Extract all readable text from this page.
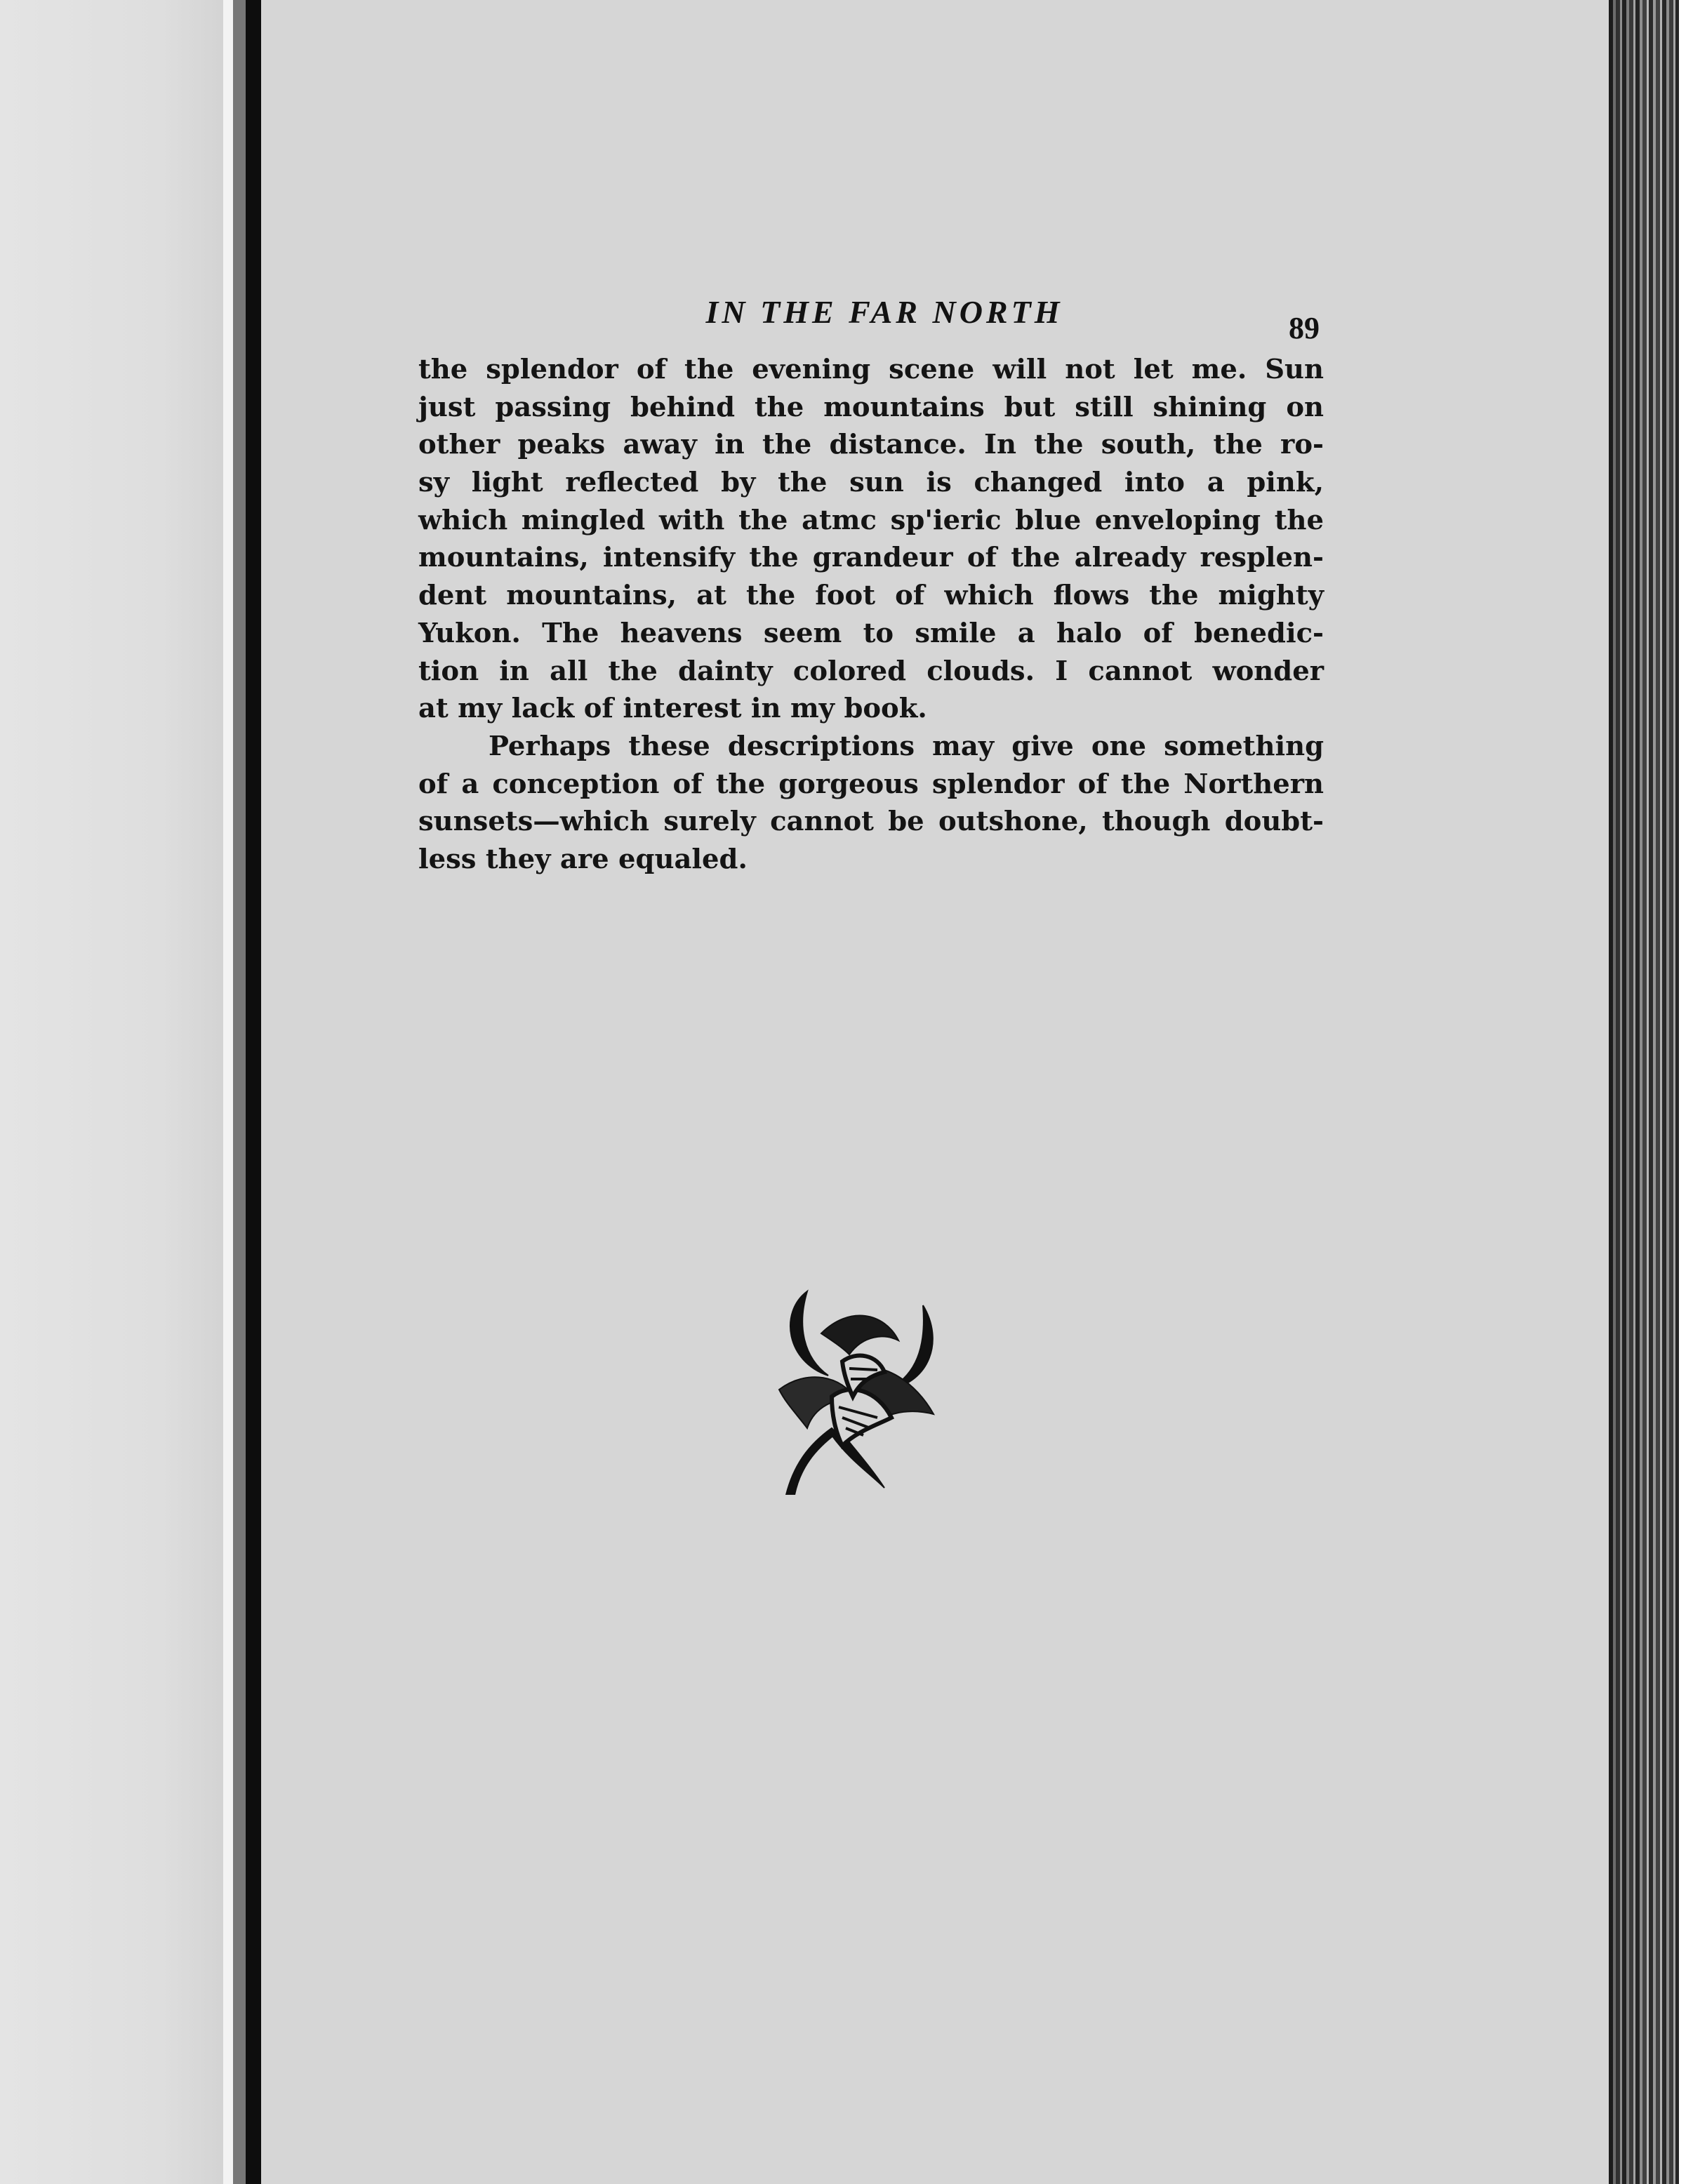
IN THE FAR NORTH	89
the splendor of the evening scene will not let me. Sun
just passing behind the mountains but still shining on
other peaks away in the distance. In the south, the ro-
sy light reflected by the sun is changed into a pink,
which mingled with the atmc sp'ieric blue enveloping the
mountains, intensify the grandeur of the already resplen-
dent mountains, at the foot of which flows the mighty
Yukon. The heavens seem to smile a halo of benedic-
tion in all the dainty colored clouds. I cannot wonder
at my lack of interest in my book.
Perhaps these descriptions may give one something
of a conception of the gorgeous splendor of the Northern
sunsets—which surely cannot be outshone, though doubt-
less they are equaled.
